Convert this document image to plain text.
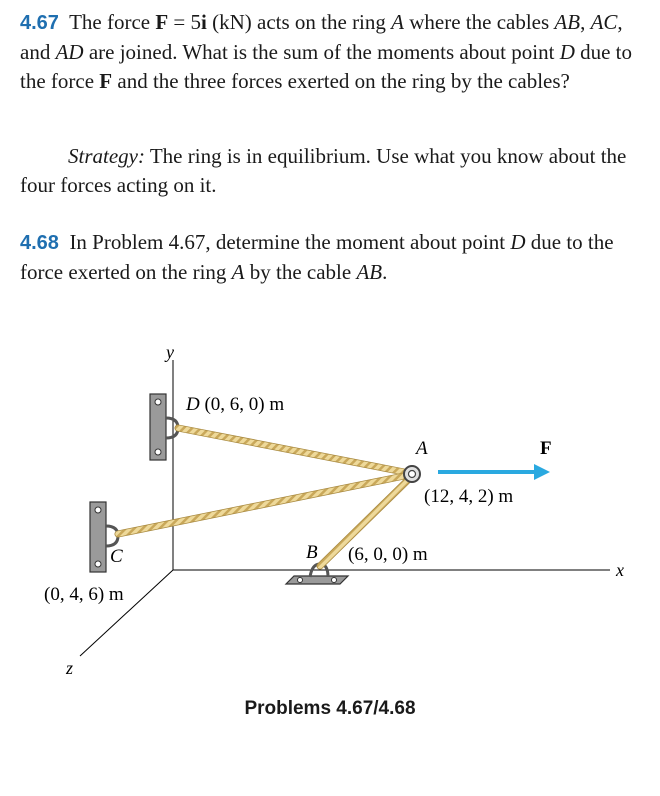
4.67 The force F = 5i (kN) acts on the ring A where the cables AB, AC, and AD are joined. What is the sum of the moments about point D due to the force F and the three forces exerted on the ring by the cables?
Strategy: The ring is in equilibrium. Use what you know about the four forces acting on it.
4.68 In Problem 4.67, determine the moment about point D due to the force exerted on the ring A by the cable AB.
y
x
z
D (0, 6, 0) m
C
(0, 4, 6) m
B (6, 0, 0) m
A
(12, 4, 2) m
F
Problems 4.67/4.68
